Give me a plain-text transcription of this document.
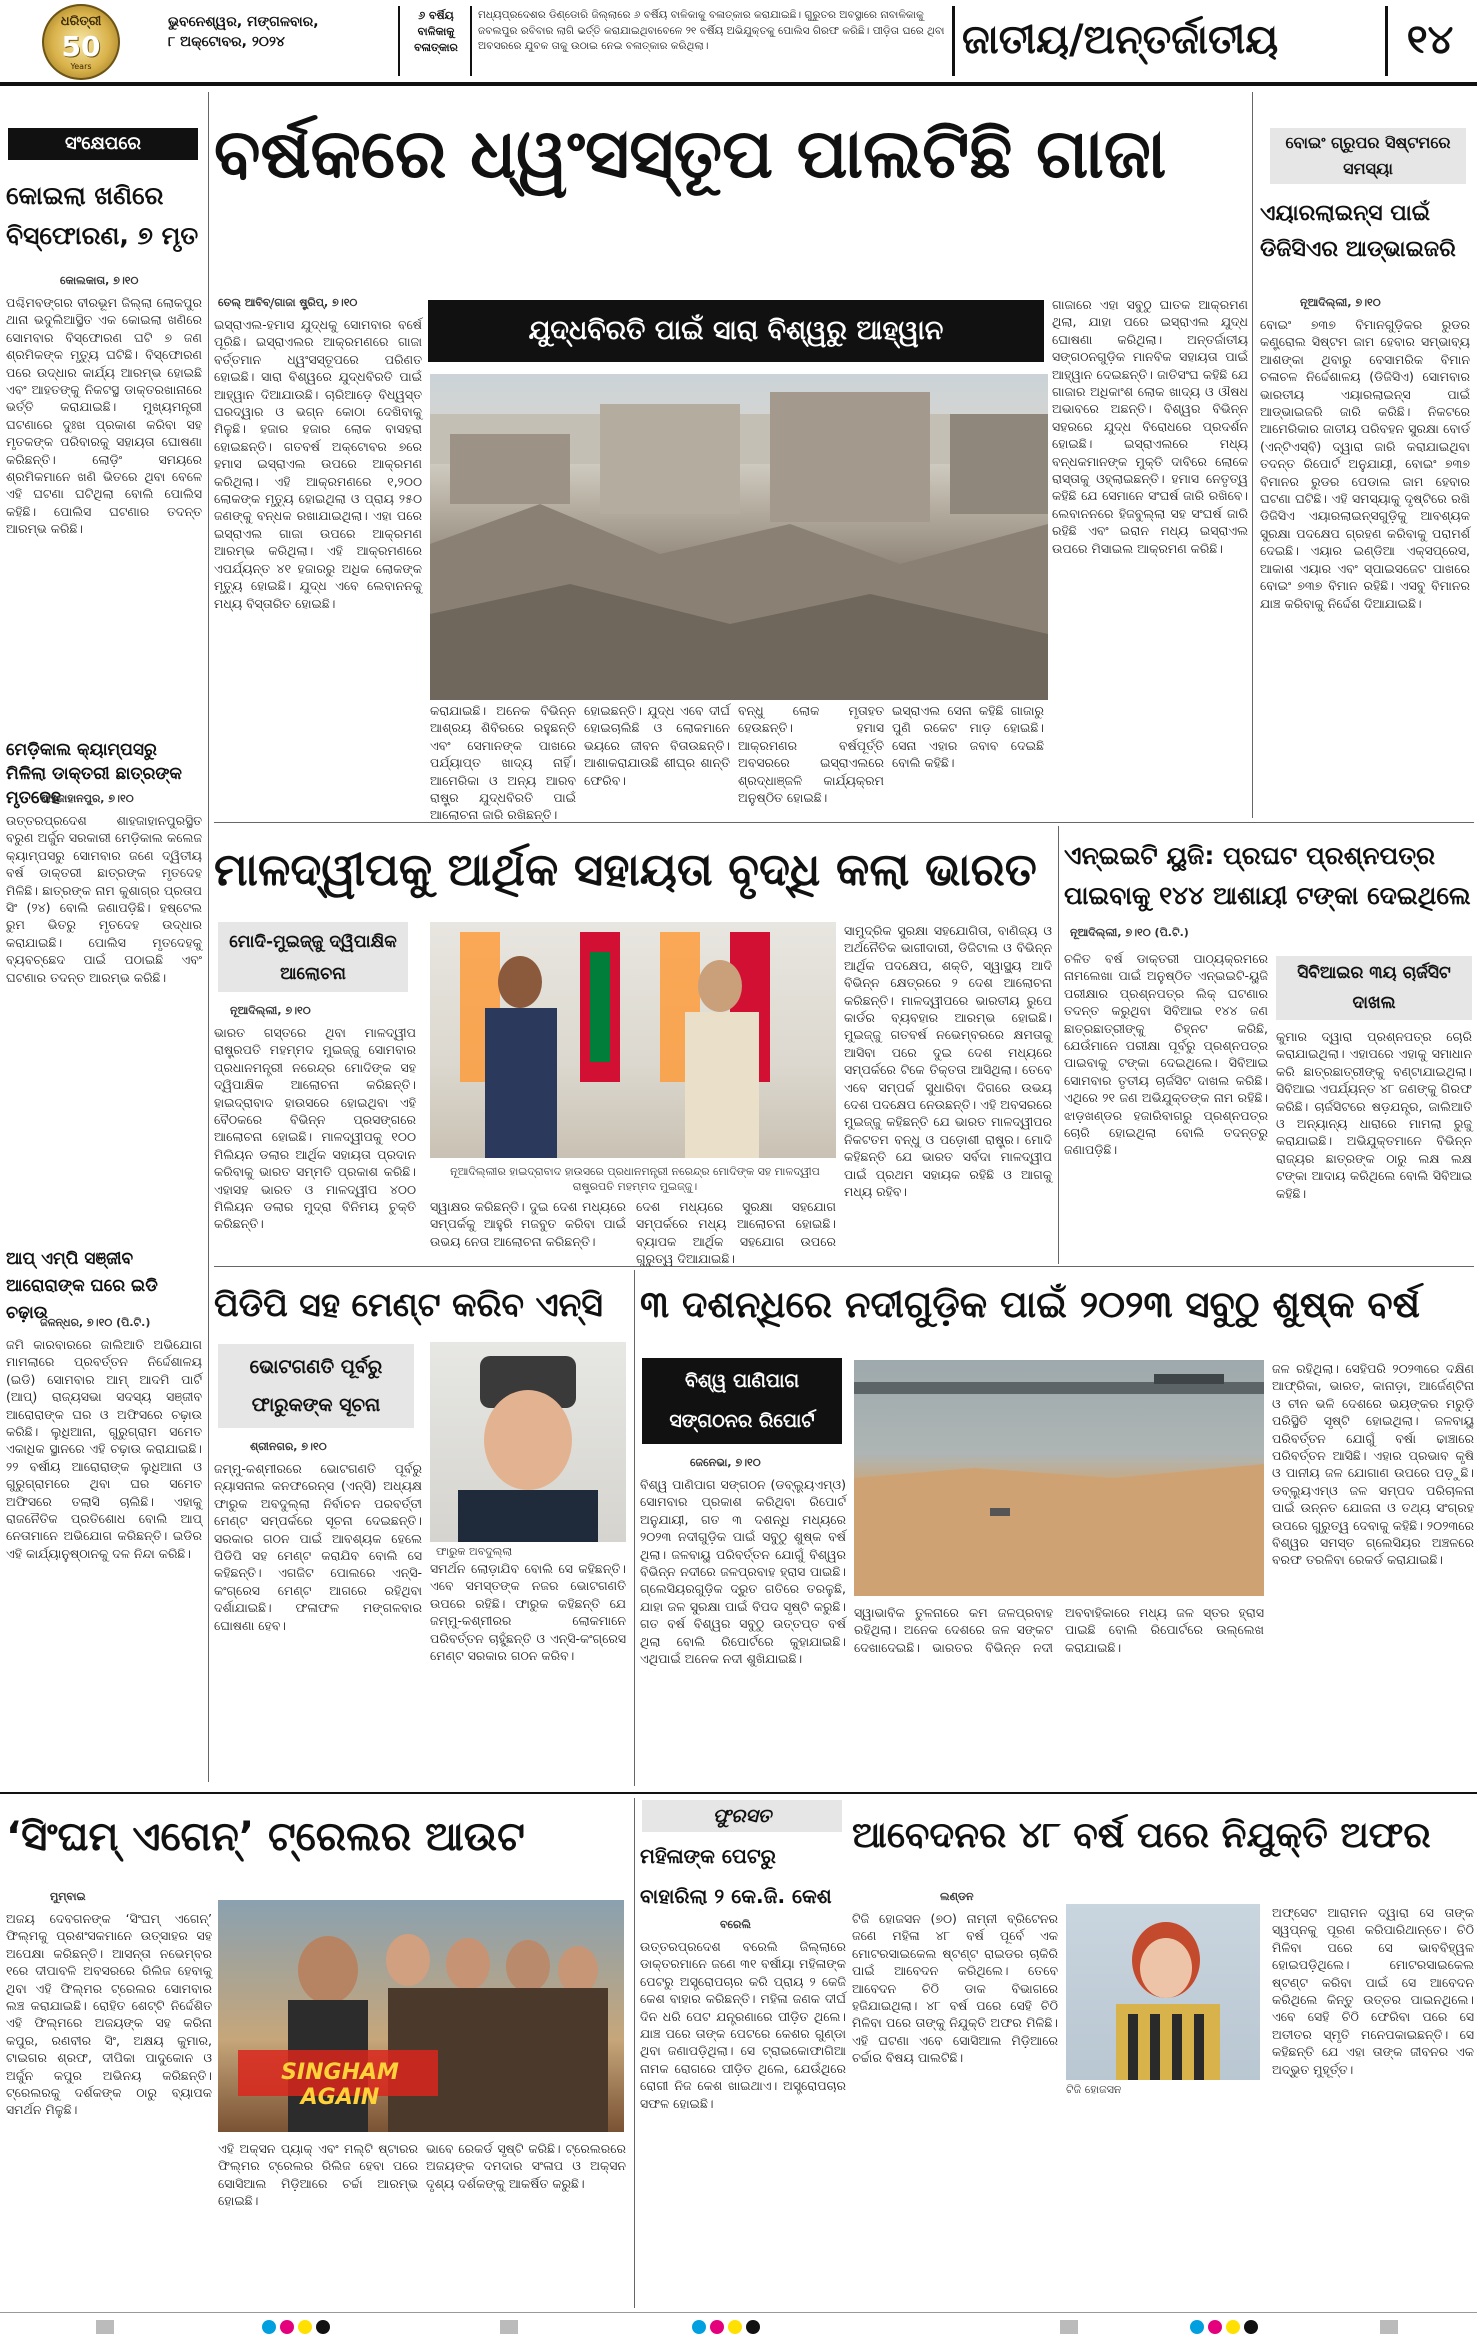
ଧରିତ୍ରୀ
50
Years
ଭୁବନେଶ୍ୱର, ମଙ୍ଗଳବାର,
୮ ଅକ୍ଟୋବର, ୨୦୨୪
୬ ବର୍ଷିୟ
ବାଳିକାକୁ
ବଳାତ୍କାର
ମଧ୍ୟପ୍ରଦେଶର ଡିଣ୍ଡୋରି ଜିଲ୍ଲାରେ ୬ ବର୍ଷିୟ ବାଳିକାକୁ ବଳାତ୍କାର କରାଯାଇଛି। ଗୁରୁତର ଅବସ୍ଥାରେ ନାବାଳିକାକୁ ଜବଲପୁର ରବିବାର ଲାଗି ଭର୍ତ୍ତି କରାଯାଇଥିବାବେଳେ ୨୧ ବର୍ଷିୟ ଅଭିଯୁକ୍ତକୁ ପୋଲିସ ଗିରଫ କରିଛି। ପୀଡ଼ିତା ଘରେ ଥିବା ଅବସରରେ ଯୁବକ ତାକୁ ଉଠାଇ ନେଇ ବଳାତ୍କାର କରିଥିଲା।	ଜାତୀୟ/ଅନ୍ତର୍ଜାତୀୟ	୧୪
ସଂକ୍ଷେପରେ
କୋଇଲା ଖଣିରେ ବିସ୍ଫୋରଣ, ୭ ମୃତ
କୋଲକାତା, ୭।୧୦
ପଶ୍ଚିମବଙ୍ଗର ବୀରଭୂମ ଜିଲ୍ଲା ଲୋକପୁର ଥାନା ଭଦୁଲିଆସ୍ଥିତ ଏକ କୋଇଲା ଖଣିରେ ସୋମବାର ବିସ୍ଫୋରଣ ଘଟି ୭ ଜଣ ଶ୍ରମିକଙ୍କ ମୃତ୍ୟୁ ଘଟିଛି। ବିସ୍ଫୋରଣ ପରେ ଉଦ୍ଧାର କାର୍ଯ୍ୟ ଆରମ୍ଭ ହୋଇଛି ଏବଂ ଆହତଙ୍କୁ ନିକଟସ୍ଥ ଡାକ୍ତରଖାନାରେ ଭର୍ତ୍ତି କରାଯାଇଛି। ମୁଖ୍ୟମନ୍ତ୍ରୀ ଘଟଣାରେ ଦୁଃଖ ପ୍ରକାଶ କରିବା ସହ ମୃତକଙ୍କ ପରିବାରକୁ ସହାୟତା ଘୋଷଣା କରିଛନ୍ତି। ଲୋଡ଼ିଂ ସମୟରେ ଶ୍ରମିକମାନେ ଖଣି ଭିତରେ ଥିବା ବେଳେ ଏହି ଘଟଣା ଘଟିଥିଲା ବୋଲି ପୋଲିସ କହିଛି। ପୋଲିସ ଘଟଣାର ତଦନ୍ତ ଆରମ୍ଭ କରିଛି।
ମେଡ଼ିକାଲ କ୍ୟାମ୍ପସରୁ ମିଳିଲା ଡାକ୍ତରୀ ଛାତ୍ରଙ୍କ ମୃତଦେହ
ଶାହଜାହାନପୁର, ୭।୧୦
ଉତ୍ତରପ୍ରଦେଶ ଶାହଜାହାନପୁରସ୍ଥିତ ବରୁଣ ଅର୍ଜୁନ ସରକାରୀ ମେଡ଼ିକାଲ କଲେଜ କ୍ୟାମ୍ପସରୁ ସୋମବାର ଜଣେ ଦ୍ୱିତୀୟ ବର୍ଷ ଡାକ୍ତରୀ ଛାତ୍ରଙ୍କ ମୃତଦେହ ମିଳିଛି। ଛାତ୍ରଙ୍କ ନାମ କୁଶାଗ୍ର ପ୍ରତାପ ସିଂ (୨୪) ବୋଲି ଜଣାପଡ଼ିଛି। ହଷ୍ଟେଲ ରୁମ ଭିତରୁ ମୃତଦେହ ଉଦ୍ଧାର କରାଯାଇଛି। ପୋଲିସ ମୃତଦେହକୁ ବ୍ୟବଚ୍ଛେଦ ପାଇଁ ପଠାଇଛି ଏବଂ ଘଟଣାର ତଦନ୍ତ ଆରମ୍ଭ କରିଛି।
ଆପ୍ ଏମ୍ପି ସଞ୍ଜୀବ ଆରୋରାଙ୍କ ଘରେ ଇଡି ଚଢ଼ାଉ
ଜଳନ୍ଧର, ୭।୧୦ (ପି.ଟି.)
ଜମି କାରବାରରେ ଜାଲିଆତି ଅଭିଯୋଗ ମାମଲାରେ ପ୍ରବର୍ତ୍ତନ ନିର୍ଦ୍ଦେଶାଳୟ (ଇଡି) ସୋମବାର ଆମ୍ ଆଦମି ପାର୍ଟି (ଆପ୍) ରାଜ୍ୟସଭା ସଦସ୍ୟ ସଞ୍ଜୀବ ଆରୋରାଙ୍କ ଘର ଓ ଅଫିସରେ ଚଢ଼ାଉ କରିଛି। ଲୁଧିଆନା, ଗୁରୁଗ୍ରାମ ସମେତ ଏକାଧିକ ସ୍ଥାନରେ ଏହି ଚଢ଼ାଉ କରାଯାଇଛି। ୨୨ ବର୍ଷୀୟ ଆରୋରାଙ୍କ ଲୁଧିଆନା ଓ ଗୁରୁଗ୍ରାମରେ ଥିବା ଘର ସମେତ ଅଫିସରେ ତଲାସି ଚାଲିଛି। ଏହାକୁ ରାଜନୈତିକ ପ୍ରତିଶୋଧ ବୋଲି ଆପ୍ ନେତାମାନେ ଅଭିଯୋଗ କରିଛନ୍ତି। ଇଡିର ଏହି କାର୍ଯ୍ୟାନୁଷ୍ଠାନକୁ ଦଳ ନିନ୍ଦା କରିଛି।
ବର୍ଷକରେ ଧ୍ୱଂସସ୍ତୂପ ପାଲଟିଛି ଗାଜା
ତେଲ୍ ଆବିବ୍/ଗାଜା ଷ୍ଟ୍ରିପ୍, ୭।୧୦
ଇସ୍ରାଏଲ-ହମାସ ଯୁଦ୍ଧକୁ ସୋମବାର ବର୍ଷେ ପୂରିଛି। ଇସ୍ରାଏଲର ଆକ୍ରମଣରେ ଗାଜା ବର୍ତ୍ତମାନ ଧ୍ୱଂସସ୍ତୂପରେ ପରିଣତ ହୋଇଛି। ସାରା ବିଶ୍ୱରେ ଯୁଦ୍ଧବିରତି ପାଇଁ ଆହ୍ୱାନ ଦିଆଯାଉଛି। ଚାରିଆଡ଼େ ବିଧ୍ୱସ୍ତ ଘରଦ୍ୱାର ଓ ଭଗ୍ନ କୋଠା ଦେଖିବାକୁ ମିଳୁଛି। ହଜାର ହଜାର ଲୋକ ବାସହରା ହୋଇଛନ୍ତି। ଗତବର୍ଷ ଅକ୍ଟୋବର ୭ରେ ହମାସ ଇସ୍ରାଏଲ ଉପରେ ଆକ୍ରମଣ କରିଥିଲା। ଏହି ଆକ୍ରମଣରେ ୧,୨୦୦ ଲୋକଙ୍କ ମୃତ୍ୟୁ ହୋଇଥିଲା ଓ ପ୍ରାୟ ୨୫୦ ଜଣଙ୍କୁ ବନ୍ଧକ ରଖାଯାଇଥିଲା। ଏହା ପରେ ଇସ୍ରାଏଲ ଗାଜା ଉପରେ ଆକ୍ରମଣ ଆରମ୍ଭ କରିଥିଲା। ଏହି ଆକ୍ରମଣରେ ଏପର୍ଯ୍ୟନ୍ତ ୪୧ ହଜାରରୁ ଅଧିକ ଲୋକଙ୍କ ମୃତ୍ୟୁ ହୋଇଛି। ଯୁଦ୍ଧ ଏବେ ଲେବାନନକୁ ମଧ୍ୟ ବିସ୍ତାରିତ ହୋଇଛି।
ଯୁଦ୍ଧବିରତି ପାଇଁ ସାରା ବିଶ୍ୱରୁ ଆହ୍ୱାନ
କରାଯାଇଛି। ଅନେକ ବିଭିନ୍ନ ଆଶ୍ରୟ ଶିବିରରେ ରହୁଛନ୍ତି ଏବଂ ସେମାନଙ୍କ ପାଖରେ ପର୍ଯ୍ୟାପ୍ତ ଖାଦ୍ୟ ନାହିଁ। ଆମେରିକା ଓ ଅନ୍ୟ ଆରବ ରାଷ୍ଟ୍ର ଯୁଦ୍ଧବିରତି ପାଇଁ ଆଲୋଚନା ଜାରି ରଖିଛନ୍ତି।
ହୋଇଛନ୍ତି। ଯୁଦ୍ଧ ଏବେ ଦୀର୍ଘ ହୋଇଚାଲିଛି ଓ ଲୋକମାନେ ଭୟରେ ଜୀବନ ବିତାଉଛନ୍ତି। ଆଶାକରାଯାଉଛି ଶୀଘ୍ର ଶାନ୍ତି ଫେରିବ।
ବନ୍ଧୁ ଲୋକ ମୃତାହତ ହେଉଛନ୍ତି। ହମାସ ଆକ୍ରମଣର ବର୍ଷପୂର୍ତ୍ତି ଅବସରରେ ଇସ୍ରାଏଲରେ ଶ୍ରଦ୍ଧାଞ୍ଜଳି କାର୍ଯ୍ୟକ୍ରମ ଅନୁଷ୍ଠିତ ହୋଇଛି।
ଇସ୍ରାଏଲ ସେନା କହିଛି ଗାଜାରୁ ପୁଣି ରକେଟ ମାଡ଼ ହୋଇଛି। ସେନା ଏହାର ଜବାବ ଦେଇଛି ବୋଲି କହିଛି।
ଗାଜାରେ ଏହା ସବୁଠୁ ଘାତକ ଆକ୍ରମଣ ଥିଲା, ଯାହା ପରେ ଇସ୍ରାଏଲ ଯୁଦ୍ଧ ଘୋଷଣା କରିଥିଲା। ଅନ୍ତର୍ଜାତୀୟ ସଙ୍ଗଠନଗୁଡ଼ିକ ମାନବିକ ସହାୟତା ପାଇଁ ଆହ୍ୱାନ ଦେଇଛନ୍ତି। ଜାତିସଂଘ କହିଛି ଯେ ଗାଜାର ଅଧିକାଂଶ ଲୋକ ଖାଦ୍ୟ ଓ ଔଷଧ ଅଭାବରେ ଅଛନ୍ତି। ବିଶ୍ୱର ବିଭିନ୍ନ ସହରରେ ଯୁଦ୍ଧ ବିରୋଧରେ ପ୍ରଦର୍ଶନ ହୋଇଛି। ଇସ୍ରାଏଲରେ ମଧ୍ୟ ବନ୍ଧକମାନଙ୍କ ମୁକ୍ତି ଦାବିରେ ଲୋକେ ରାସ୍ତାକୁ ଓହ୍ଲାଇଛନ୍ତି। ହମାସ ନେତୃତ୍ୱ କହିଛି ଯେ ସେମାନେ ସଂଘର୍ଷ ଜାରି ରଖିବେ। ଲେବାନନରେ ହିଜବୁଲ୍ଲା ସହ ସଂଘର୍ଷ ଜାରି ରହିଛି ଏବଂ ଇରାନ ମଧ୍ୟ ଇସ୍ରାଏଲ ଉପରେ ମିସାଇଲ ଆକ୍ରମଣ କରିଛି।
ବୋଇଂ ଗ୍ରୁପର ସିଷ୍ଟମରେ ସମସ୍ୟା
ଏୟାରଲାଇନ୍ସ ପାଇଁ ଡିଜିସିଏର ଆଡ୍‌ଭାଇଜରି
ନୂଆଦିଲ୍ଲୀ, ୭।୧୦
ବୋଇଂ ୭୩୭ ବିମାନଗୁଡ଼ିକର ରୁଡର କଣ୍ଟ୍ରୋଲ ସିଷ୍ଟମ ଜାମ ହେବାର ସମ୍ଭାବ୍ୟ ଆଶଙ୍କା ଥିବାରୁ ବେସାମରିକ ବିମାନ ଚଳାଚଳ ନିର୍ଦ୍ଦେଶାଳୟ (ଡିଜିସିଏ) ସୋମବାର ଭାରତୀୟ ଏୟାରଲାଇନ୍ସ ପାଇଁ ଆଡ୍‌ଭାଇଜରି ଜାରି କରିଛି। ନିକଟରେ ଆମେରିକାର ଜାତୀୟ ପରିବହନ ସୁରକ୍ଷା ବୋର୍ଡ (ଏନ୍‌ଟିଏସ୍‌ବି) ଦ୍ୱାରା ଜାରି କରାଯାଇଥିବା ତଦନ୍ତ ରିପୋର୍ଟ ଅନୁଯାୟୀ, ବୋଇଂ ୭୩୭ ବିମାନର ରୁଡର ପେଡାଲ ଜାମ ହେବାର ଘଟଣା ଘଟିଛି। ଏହି ସମସ୍ୟାକୁ ଦୃଷ୍ଟିରେ ରଖି ଡିଜିସିଏ ଏୟାରଲାଇନ୍ସଗୁଡ଼ିକୁ ଆବଶ୍ୟକ ସୁରକ୍ଷା ପଦକ୍ଷେପ ଗ୍ରହଣ କରିବାକୁ ପରାମର୍ଶ ଦେଇଛି। ଏୟାର ଇଣ୍ଡିଆ ଏକ୍ସପ୍ରେସ, ଆକାଶ ଏୟାର ଏବଂ ସ୍ପାଇସଜେଟ ପାଖରେ ବୋଇଂ ୭୩୭ ବିମାନ ରହିଛି। ଏସବୁ ବିମାନର ଯାଞ୍ଚ କରିବାକୁ ନିର୍ଦ୍ଦେଶ ଦିଆଯାଇଛି।
ମାଳଦ୍ୱୀପକୁ ଆର୍ଥିକ ସହାୟତା ବୃଦ୍ଧି କଲା ଭାରତ
ମୋଦି-ମୁଇଜ୍ଜୁ ଦ୍ୱିପାକ୍ଷିକ ଆଲୋଚନା
ନୂଆଦିଲ୍ଲୀ, ୭।୧୦
ଭାରତ ଗସ୍ତରେ ଥିବା ମାଳଦ୍ୱୀପ ରାଷ୍ଟ୍ରପତି ମହମ୍ମଦ ମୁଇଜ୍ଜୁ ସୋମବାର ପ୍ରଧାନମନ୍ତ୍ରୀ ନରେନ୍ଦ୍ର ମୋଦିଙ୍କ ସହ ଦ୍ୱିପାକ୍ଷିକ ଆଲୋଚନା କରିଛନ୍ତି। ହାଇଦ୍ରାବାଦ ହାଉସରେ ହୋଇଥିବା ଏହି ବୈଠକରେ ବିଭିନ୍ନ ପ୍ରସଙ୍ଗରେ ଆଲୋଚନା ହୋଇଛି। ମାଳଦ୍ୱୀପକୁ ୧୦୦ ମିଲିୟନ ଡଲାର ଆର୍ଥିକ ସହାୟତା ପ୍ରଦାନ କରିବାକୁ ଭାରତ ସମ୍ମତି ପ୍ରକାଶ କରିଛି। ଏହାସହ ଭାରତ ଓ ମାଳଦ୍ୱୀପ ୪୦୦ ମିଲିୟନ ଡଲାର ମୁଦ୍ରା ବିନିମୟ ଚୁକ୍ତି କରିଛନ୍ତି।
ନୂଆଦିଲ୍ଲୀର ହାଇଦ୍ରାବାଦ ହାଉସରେ ପ୍ରଧାନମନ୍ତ୍ରୀ ନରେନ୍ଦ୍ର ମୋଦିଙ୍କ ସହ ମାଳଦ୍ୱୀପ ରାଷ୍ଟ୍ରପତି ମହମ୍ମଦ ମୁଇଜ୍ଜୁ।
ସ୍ୱାକ୍ଷର କରିଛନ୍ତି। ଦୁଇ ଦେଶ ମଧ୍ୟରେ ସମ୍ପର୍କକୁ ଆହୁରି ମଜବୁତ କରିବା ପାଇଁ ଉଭୟ ନେତା ଆଲୋଚନା କରିଛନ୍ତି।
ଦେଶ ମଧ୍ୟରେ ସୁରକ୍ଷା ସହଯୋଗ ସମ୍ପର୍କରେ ମଧ୍ୟ ଆଲୋଚନା ହୋଇଛି। ବ୍ୟାପକ ଆର୍ଥିକ ସହଯୋଗ ଉପରେ ଗୁରୁତ୍ୱ ଦିଆଯାଇଛି।
ସାମୁଦ୍ରିକ ସୁରକ୍ଷା ସହଯୋଗିତା, ବାଣିଜ୍ୟ ଓ ଅର୍ଥନୈତିକ ଭାଗୀଦାରୀ, ଡିଜିଟାଲ ଓ ବିଭିନ୍ନ ଆର୍ଥିକ ପଦକ୍ଷେପ, ଶକ୍ତି, ସ୍ୱାସ୍ଥ୍ୟ ଆଦି ବିଭିନ୍ନ କ୍ଷେତ୍ରରେ ୨ ଦେଶ ଆଲୋଚନା କରିଛନ୍ତି। ମାଳଦ୍ୱୀପରେ ଭାରତୀୟ ରୁପେ କାର୍ଡର ବ୍ୟବହାର ଆରମ୍ଭ ହୋଇଛି। ମୁଇଜ୍ଜୁ ଗତବର୍ଷ ନଭେମ୍ବରରେ କ୍ଷମତାକୁ ଆସିବା ପରେ ଦୁଇ ଦେଶ ମଧ୍ୟରେ ସମ୍ପର୍କରେ ଟିକେ ତିକ୍ତତା ଆସିଥିଲା। ତେବେ ଏବେ ସମ୍ପର୍କ ସୁଧାରିବା ଦିଗରେ ଉଭୟ ଦେଶ ପଦକ୍ଷେପ ନେଉଛନ୍ତି। ଏହି ଅବସରରେ ମୁଇଜ୍ଜୁ କହିଛନ୍ତି ଯେ ଭାରତ ମାଳଦ୍ୱୀପର ନିକଟତମ ବନ୍ଧୁ ଓ ପଡ଼ୋଶୀ ରାଷ୍ଟ୍ର। ମୋଦି କହିଛନ୍ତି ଯେ ଭାରତ ସର୍ବଦା ମାଳଦ୍ୱୀପ ପାଇଁ ପ୍ରଥମ ସହାୟକ ରହିଛି ଓ ଆଗକୁ ମଧ୍ୟ ରହିବ।
ଏନ୍‌ଇଇଟି ୟୁଜି: ପ୍ରଘଟ ପ୍ରଶ୍ନପତ୍ର ପାଇବାକୁ ୧୪୪ ଆଶାୟୀ ଟଙ୍କା ଦେଇଥିଲେ
ନୂଆଦିଲ୍ଲୀ, ୭।୧୦ (ପି.ଟି.)
ସିବିଆଇର ୩ୟ ଚାର୍ଜସିଟ ଦାଖଲ
ଚଳିତ ବର୍ଷ ଡାକ୍ତରୀ ପାଠ୍ୟକ୍ରମରେ ନାମଲେଖା ପାଇଁ ଅନୁଷ୍ଠିତ ଏନ୍‌ଇଇଟି-ୟୁଜି ପରୀକ୍ଷାର ପ୍ରଶ୍ନପତ୍ର ଲିକ୍ ଘଟଣାର ତଦନ୍ତ କରୁଥିବା ସିବିଆଇ ୧୪୪ ଜଣ ଛାତ୍ରଛାତ୍ରୀଙ୍କୁ ଚିହ୍ନଟ କରିଛି, ଯେଉଁମାନେ ପରୀକ୍ଷା ପୂର୍ବରୁ ପ୍ରଶ୍ନପତ୍ର ପାଇବାକୁ ଟଙ୍କା ଦେଇଥିଲେ। ସିବିଆଇ ସୋମବାର ତୃତୀୟ ଚାର୍ଜସିଟ ଦାଖଲ କରିଛି। ଏଥିରେ ୨୧ ଜଣ ଅଭିଯୁକ୍ତଙ୍କ ନାମ ରହିଛି। ଝାଡ଼ଖଣ୍ଡର ହଜାରିବାଗରୁ ପ୍ରଶ୍ନପତ୍ର ଚୋରି ହୋଇଥିଲା ବୋଲି ତଦନ୍ତରୁ ଜଣାପଡ଼ିଛି।
କୁମାର ଦ୍ୱାରା ପ୍ରଶ୍ନପତ୍ର ଚୋରି କରାଯାଇଥିଲା। ଏହାପରେ ଏହାକୁ ସମାଧାନ କରି ଛାତ୍ରଛାତ୍ରୀଙ୍କୁ ବଣ୍ଟାଯାଇଥିଲା। ସିବିଆଇ ଏପର୍ଯ୍ୟନ୍ତ ୪୮ ଜଣଙ୍କୁ ଗିରଫ କରିଛି। ଚାର୍ଜସିଟରେ ଷଡ଼ଯନ୍ତ୍ର, ଜାଲିଆତି ଓ ଅନ୍ୟାନ୍ୟ ଧାରାରେ ମାମଲା ରୁଜୁ କରାଯାଇଛି। ଅଭିଯୁକ୍ତମାନେ ବିଭିନ୍ନ ରାଜ୍ୟର ଛାତ୍ରଙ୍କ ଠାରୁ ଲକ୍ଷ ଲକ୍ଷ ଟଙ୍କା ଆଦାୟ କରିଥିଲେ ବୋଲି ସିବିଆଇ କହିଛି।
ପିଡିପି ସହ ମେଣ୍ଟ କରିବ ଏନ୍‌ସି
ଭୋଟଗଣତି ପୂର୍ବରୁ ଫାରୁକଙ୍କ ସୂଚନା
ଶ୍ରୀନଗର, ୭।୧୦
ଜମ୍ମୁ-କଶ୍ମୀରରେ ଭୋଟଗଣତି ପୂର୍ବରୁ ନ୍ୟାସନାଲ କନଫରେନ୍ସ (ଏନ୍‌ସି) ଅଧ୍ୟକ୍ଷ ଫାରୁକ ଅବଦୁଲ୍ଲା ନିର୍ବାଚନ ପରବର୍ତ୍ତୀ ମେଣ୍ଟ ସମ୍ପର୍କରେ ସୂଚନା ଦେଇଛନ୍ତି। ସରକାର ଗଠନ ପାଇଁ ଆବଶ୍ୟକ ହେଲେ ପିଡିପି ସହ ମେଣ୍ଟ କରାଯିବ ବୋଲି ସେ କହିଛନ୍ତି। ଏଗଜିଟ ପୋଲରେ ଏନ୍‌ସି-କଂଗ୍ରେସ ମେଣ୍ଟ ଆଗରେ ରହିଥିବା ଦର୍ଶାଯାଇଛି। ଫଳାଫଳ ମଙ୍ଗଳବାର ଘୋଷଣା ହେବ।
ଫାରୁକ ଅବଦୁଲ୍ଲା
ସମର୍ଥନ ଲୋଡ଼ାଯିବ ବୋଲି ସେ କହିଛନ୍ତି। ଏବେ ସମସ୍ତଙ୍କ ନଜର ଭୋଟଗଣତି ଉପରେ ରହିଛି। ଫାରୁକ କହିଛନ୍ତି ଯେ ଜମ୍ମୁ-କଶ୍ମୀରର ଲୋକମାନେ ପରିବର୍ତ୍ତନ ଚାହୁଁଛନ୍ତି ଓ ଏନ୍‌ସି-କଂଗ୍ରେସ ମେଣ୍ଟ ସରକାର ଗଠନ କରିବ।
୩ ଦଶନ୍ଧିରେ ନଦୀଗୁଡ଼ିକ ପାଇଁ ୨୦୨୩ ସବୁଠୁ ଶୁଷ୍କ ବର୍ଷ
ବିଶ୍ୱ ପାଣିପାଗ ସଙ୍ଗଠନର ରିପୋର୍ଟ
ଜେନେଭା, ୭।୧୦
ବିଶ୍ୱ ପାଣିପାଗ ସଙ୍ଗଠନ (ଡବ୍ଲ୍ୟୁଏମ୍‌ଓ) ସୋମବାର ପ୍ରକାଶ କରିଥିବା ରିପୋର୍ଟ ଅନୁଯାୟୀ, ଗତ ୩ ଦଶନ୍ଧି ମଧ୍ୟରେ ୨୦୨୩ ନଦୀଗୁଡ଼ିକ ପାଇଁ ସବୁଠୁ ଶୁଷ୍କ ବର୍ଷ ଥିଲା। ଜଳବାୟୁ ପରିବର୍ତ୍ତନ ଯୋଗୁଁ ବିଶ୍ୱର ବିଭିନ୍ନ ନଦୀରେ ଜଳପ୍ରବାହ ହ୍ରାସ ପାଇଛି। ଗ୍ଲେସିୟରଗୁଡ଼ିକ ଦ୍ରୁତ ଗତିରେ ତରଳୁଛି, ଯାହା ଜଳ ସୁରକ୍ଷା ପାଇଁ ବିପଦ ସୃଷ୍ଟି କରୁଛି। ଗତ ବର୍ଷ ବିଶ୍ୱର ସବୁଠୁ ଉତ୍ତପ୍ତ ବର୍ଷ ଥିଲା ବୋଲି ରିପୋର୍ଟରେ କୁହାଯାଇଛି। ଏଥିପାଇଁ ଅନେକ ନଦୀ ଶୁଖିଯାଇଛି।
ସ୍ୱାଭାବିକ ତୁଳନାରେ କମ ଜଳପ୍ରବାହ ରହିଥିଲା। ଅନେକ ଦେଶରେ ଜଳ ସଙ୍କଟ ଦେଖାଦେଇଛି। ଭାରତର ବିଭିନ୍ନ ନଦୀ ଅବବାହିକାରେ ମଧ୍ୟ ଜଳ ସ୍ତର ହ୍ରାସ ପାଇଛି ବୋଲି ରିପୋର୍ଟରେ ଉଲ୍ଲେଖ କରାଯାଇଛି।
ଜଳ ରହିଥିଲା। ସେହିପରି ୨୦୨୩ରେ ଦକ୍ଷିଣ ଆଫ୍ରିକା, ଭାରତ, କାନାଡ଼ା, ଆର୍ଜେଣ୍ଟିନା ଓ ଚୀନ ଭଳି ଦେଶରେ ଭୟଙ୍କର ମରୁଡ଼ି ପରିସ୍ଥିତି ସୃଷ୍ଟି ହୋଇଥିଲା। ଜଳବାୟୁ ପରିବର୍ତ୍ତନ ଯୋଗୁଁ ବର୍ଷା ଢାଞ୍ଚାରେ ପରିବର୍ତ୍ତନ ଆସିଛି। ଏହାର ପ୍ରଭାବ କୃଷି ଓ ପାନୀୟ ଜଳ ଯୋଗାଣ ଉପରେ ପଡ଼ୁଛି। ଡବ୍ଲ୍ୟୁଏମ୍‌ଓ ଜଳ ସମ୍ପଦ ପରିଚାଳନା ପାଇଁ ଉନ୍ନତ ଯୋଜନା ଓ ତଥ୍ୟ ସଂଗ୍ରହ ଉପରେ ଗୁରୁତ୍ୱ ଦେବାକୁ କହିଛି। ୨୦୨୩ରେ ବିଶ୍ୱର ସମସ୍ତ ଗ୍ଲେସିୟର ଅଞ୍ଚଳରେ ବରଫ ତରଳିବା ରେକର୍ଡ କରାଯାଇଛି।
‘ସିଂଘମ୍ ଏଗେନ୍’ ଟ୍ରେଲର ଆଉଟ
ମୁମ୍ବାଇ
ଅଜୟ ଦେବଗନଙ୍କ ‘ସିଂଘମ୍ ଏଗେନ୍’ ଫିଲ୍ମକୁ ପ୍ରଶଂସକମାନେ ଉତ୍ସାହର ସହ ଅପେକ୍ଷା କରିଛନ୍ତି। ଆସନ୍ତା ନଭେମ୍ବର ୧ରେ ଦୀପାବଳି ଅବସରରେ ରିଲିଜ ହେବାକୁ ଥିବା ଏହି ଫିଲ୍ମର ଟ୍ରେଲର ସୋମବାର ଲଞ୍ଚ କରାଯାଇଛି। ରୋହିତ ଶେଟ୍ଟି ନିର୍ଦ୍ଦେଶିତ ଏହି ଫିଲ୍ମରେ ଅଜୟଙ୍କ ସହ କରିନା କପୁର, ରଣବୀର ସିଂ, ଅକ୍ଷୟ କୁମାର, ଟାଇଗର ଶ୍ରଫ, ଦୀପିକା ପାଦୁକୋନ ଓ ଅର୍ଜୁନ କପୁର ଅଭିନୟ କରିଛନ୍ତି। ଟ୍ରେଲରକୁ ଦର୍ଶକଙ୍କ ଠାରୁ ବ୍ୟାପକ ସମର୍ଥନ ମିଳୁଛି।
SINGHAM AGAIN
ଏହି ଅକ୍ସନ ପ୍ୟାକ୍ ଏବଂ ମଲ୍ଟି ଷ୍ଟାରର ଫିଲ୍ମର ଟ୍ରେଲର ରିଲିଜ ହେବା ପରେ ସୋସିଆଲ ମିଡ଼ିଆରେ ଚର୍ଚ୍ଚା ଆରମ୍ଭ ହୋଇଛି।
ଭାବେ ରେକର୍ଡ ସୃଷ୍ଟି କରିଛି। ଟ୍ରେଲରରେ ଅଜୟଙ୍କ ଦମଦାର ସଂଳାପ ଓ ଅକ୍ସନ ଦୃଶ୍ୟ ଦର୍ଶକଙ୍କୁ ଆକର୍ଷିତ କରୁଛି।
ଫୁରସତ
ମହିଳାଙ୍କ ପେଟରୁ ବାହାରିଲା ୨ କେ.ଜି. କେଶ
ବରେଲି
ଉତ୍ତରପ୍ରଦେଶ ବରେଲି ଜିଲ୍ଲାରେ ଡାକ୍ତରମାନେ ଜଣେ ୩୧ ବର୍ଷୀୟା ମହିଳାଙ୍କ ପେଟରୁ ଅସ୍ତ୍ରୋପଚାର କରି ପ୍ରାୟ ୨ କେଜି କେଶ ବାହାର କରିଛନ୍ତି। ମହିଳା ଜଣକ ଦୀର୍ଘ ଦିନ ଧରି ପେଟ ଯନ୍ତ୍ରଣାରେ ପୀଡ଼ିତ ଥିଲେ। ଯାଞ୍ଚ ପରେ ତାଙ୍କ ପେଟରେ କେଶର ଗୁଣ୍ଡା ଥିବା ଜଣାପଡ଼ିଥିଲା। ସେ ଟ୍ରାଇକୋଫାଗିଆ ନାମକ ରୋଗରେ ପୀଡ଼ିତ ଥିଲେ, ଯେଉଁଥିରେ ରୋଗୀ ନିଜ କେଶ ଖାଇଥାଏ। ଅସ୍ତ୍ରୋପଚାର ସଫଳ ହୋଇଛି।
ଆବେଦନର ୪୮ ବର୍ଷ ପରେ ନିଯୁକ୍ତି ଅଫର
ଲଣ୍ଡନ
ଟିଜି ହୋଜସନ (୭୦) ନାମ୍ନୀ ବ୍ରିଟେନର ଜଣେ ମହିଳା ୪୮ ବର୍ଷ ପୂର୍ବେ ଏକ ମୋଟରସାଇକେଲ ଷ୍ଟଣ୍ଟ ରାଇଡର ଚାକିରି ପାଇଁ ଆବେଦନ କରିଥିଲେ। ତେବେ ଆବେଦନ ଚିଠି ଡାକ ବିଭାଗରେ ହଜିଯାଇଥିଲା। ୪୮ ବର୍ଷ ପରେ ସେହି ଚିଠି ମିଳିବା ପରେ ତାଙ୍କୁ ନିଯୁକ୍ତି ଅଫର ମିଳିଛି। ଏହି ଘଟଣା ଏବେ ସୋସିଆଲ ମିଡ଼ିଆରେ ଚର୍ଚ୍ଚାର ବିଷୟ ପାଲଟିଛି।
ଟିଜି ହୋଜସନ
ଅଫ୍‌ସେଟ ଆରାମନ ଦ୍ୱାରା ସେ ତାଙ୍କ ସ୍ୱପ୍ନକୁ ପୂରଣ କରିପାରିଥାନ୍ତେ। ଚିଠି ମିଳିବା ପରେ ସେ ଭାବବିହ୍ୱଳ ହୋଇପଡ଼ିଥିଲେ। ମୋଟରସାଇକେଲ ଷ୍ଟଣ୍ଟ କରିବା ପାଇଁ ସେ ଆବେଦନ କରିଥିଲେ କିନ୍ତୁ ଉତ୍ତର ପାଇନଥିଲେ। ଏବେ ସେହି ଚିଠି ଫେରିବା ପରେ ସେ ଅତୀତର ସ୍ମୃତି ମନେପକାଇଛନ୍ତି। ସେ କହିଛନ୍ତି ଯେ ଏହା ତାଙ୍କ ଜୀବନର ଏକ ଅଦ୍ଭୁତ ମୁହୂର୍ତ୍ତ।
